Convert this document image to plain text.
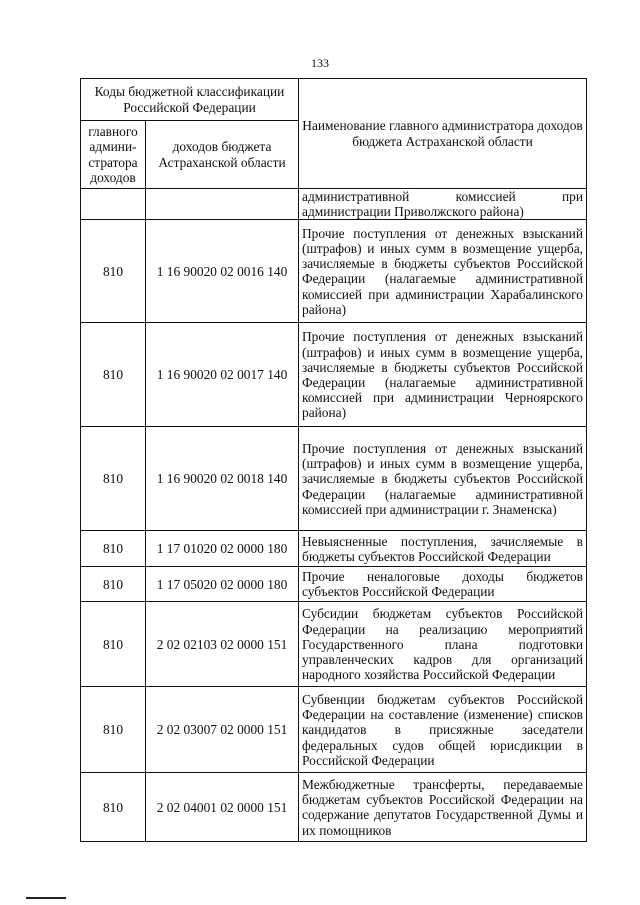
133
Коды бюджетной классификации Российской Федерации		Наименование главного администратора доходов бюджета Астраханской области
главного админи-стратора доходов	доходов бюджета Астраханской области	
		административной комиссией при администрации Приволжского района)
810	1 16 90020 02 0016 140	Прочие поступления от денежных взысканий (штрафов) и иных сумм в возмещение ущерба, зачисляемые в бюджеты субъектов Российской Федерации (налагаемые административной комиссией при администрации Харабалинского района)
810	1 16 90020 02 0017 140	Прочие поступления от денежных взысканий (штрафов) и иных сумм в возмещение ущерба, зачисляемые в бюджеты субъектов Российской Федерации (налагаемые административной комиссией при администрации Черноярского района)
810	1 16 90020 02 0018 140	Прочие поступления от денежных взысканий (штрафов) и иных сумм в возмещение ущерба, зачисляемые в бюджеты субъектов Российской Федерации (налагаемые административной комиссией при администрации г. Знаменска)
810	1 17 01020 02 0000 180	Невыясненные поступления, зачисляемые в бюджеты субъектов Российской Федерации
810	1 17 05020 02 0000 180	Прочие неналоговые доходы бюджетов субъектов Российской Федерации
810	2 02 02103 02 0000 151	Субсидии бюджетам субъектов Российской Федерации на реализацию мероприятий Государственного плана подготовки управленческих кадров для организаций народного хозяйства Российской Федерации
810	2 02 03007 02 0000 151	Субвенции бюджетам субъектов Российской Федерации на составление (изменение) списков кандидатов в присяжные заседатели федеральных судов общей юрисдикции в Российской Федерации
810	2 02 04001 02 0000 151	Межбюджетные трансферты, передаваемые бюджетам субъектов Российской Федерации на содержание депутатов Государственной Думы и их помощников
